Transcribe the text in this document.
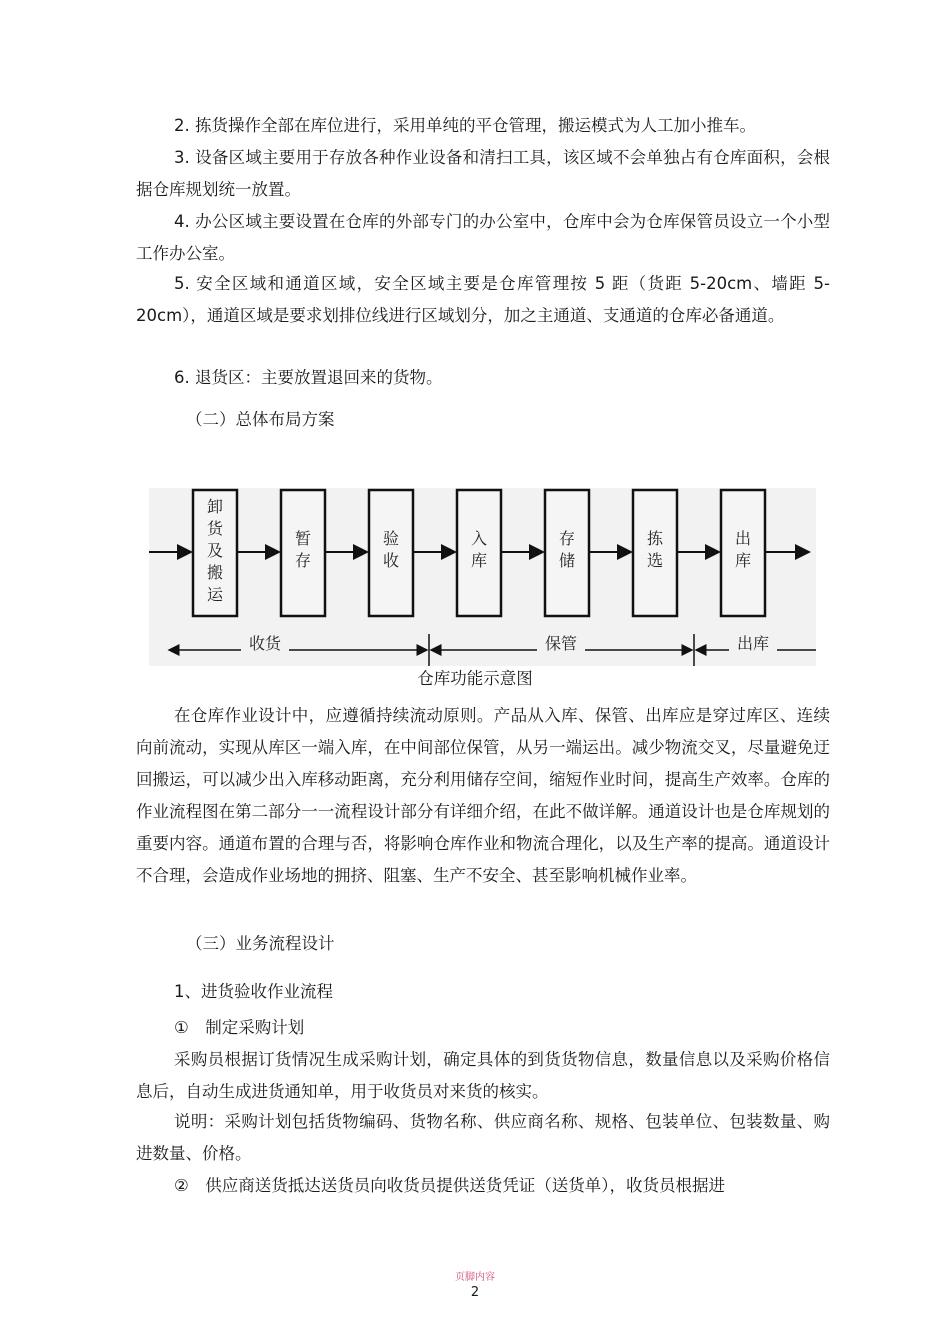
2. 拣货操作全部在库位进行，采用单纯的平仓管理，搬运模式为人工加小推车。

3. 设备区域主要用于存放各种作业设备和清扫工具，该区域不会单独占有仓库面积，会根据仓库规划统一放置。

4. 办公区域主要设置在仓库的外部专门的办公室中，仓库中会为仓库保管员设立一个小型工作办公室。

5. 安全区域和通道区域，安全区域主要是仓库管理按 5 距（货距 5-20cm、墙距 5-20cm），通道区域是要求划排位线进行区域划分，加之主通道、支通道的仓库必备通道。

6. 退货区：主要放置退回来的货物。

（二）总体布局方案

卸货及搬运
暂存
验收
入库
存储
拣选
出库
收货	保管	出库
仓库功能示意图

在仓库作业设计中，应遵循持续流动原则。产品从入库、保管、出库应是穿过库区、连续向前流动，实现从库区一端入库，在中间部位保管，从另一端运出。减少物流交叉，尽量避免迂回搬运，可以减少出入库移动距离，充分利用储存空间，缩短作业时间，提高生产效率。仓库的作业流程图在第二部分一一流程设计部分有详细介绍，在此不做详解。通道设计也是仓库规划的重要内容。通道布置的合理与否，将影响仓库作业和物流合理化，以及生产率的提高。通道设计不合理，会造成作业场地的拥挤、阻塞、生产不安全、甚至影响机械作业率。

（三）业务流程设计

1、进货验收作业流程

①　制定采购计划

采购员根据订货情况生成采购计划，确定具体的到货货物信息，数量信息以及采购价格信息后，自动生成进货通知单，用于收货员对来货的核实。

说明：采购计划包括货物编码、货物名称、供应商名称、规格、包装单位、包装数量、购进数量、价格。

②　供应商送货抵达送货员向收货员提供送货凭证（送货单），收货员根据进

页脚内容
2
